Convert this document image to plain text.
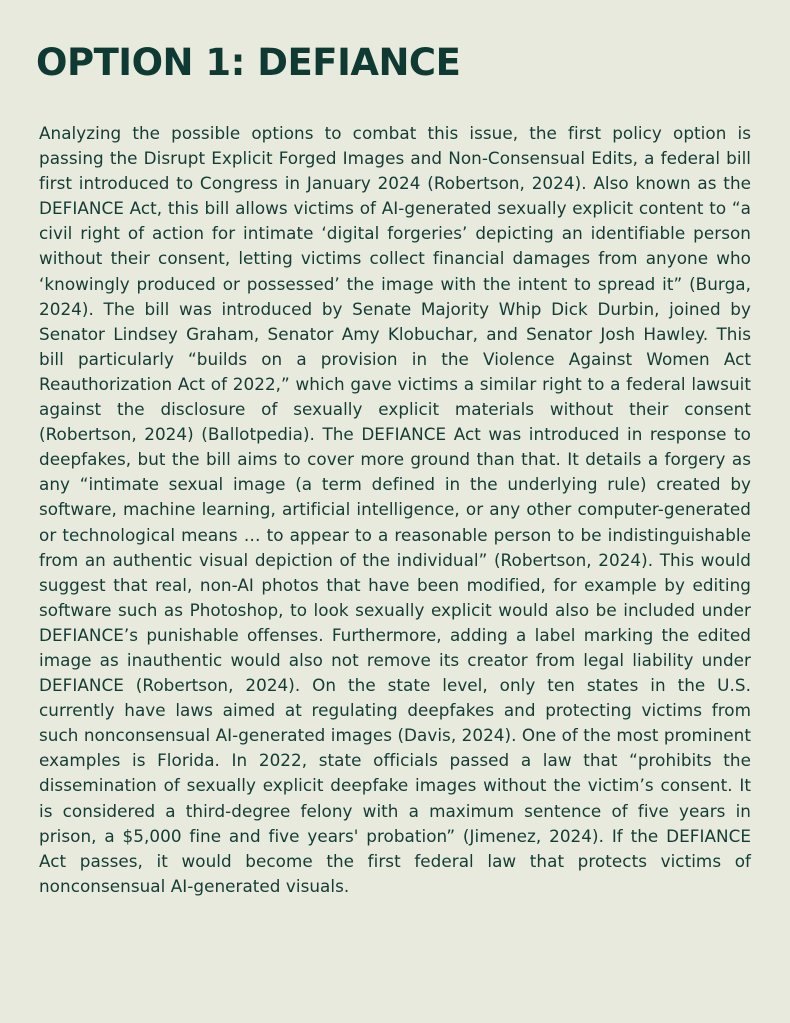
OPTION 1: DEFIANCE

Analyzing the possible options to combat this issue, the first policy option is passing the Disrupt Explicit Forged Images and Non-Consensual Edits, a federal bill first introduced to Congress in January 2024 (Robertson, 2024). Also known as the DEFIANCE Act, this bill allows victims of AI-generated sexually explicit content to “a civil right of action for intimate ‘digital forgeries’ depicting an identifiable person without their consent, letting victims collect financial damages from anyone who ‘knowingly produced or possessed’ the image with the intent to spread it” (Burga, 2024). The bill was introduced by Senate Majority Whip Dick Durbin, joined by Senator Lindsey Graham, Senator Amy Klobuchar, and Senator Josh Hawley. This bill particularly “builds on a provision in the Violence Against Women Act Reauthorization Act of 2022,” which gave victims a similar right to a federal lawsuit against the disclosure of sexually explicit materials without their consent (Robertson, 2024) (Ballotpedia). The DEFIANCE Act was introduced in response to deepfakes, but the bill aims to cover more ground than that. It details a forgery as any “intimate sexual image (a term defined in the underlying rule) created by software, machine learning, artificial intelligence, or any other computer-generated or technological means … to appear to a reasonable person to be indistinguishable from an authentic visual depiction of the individual” (Robertson, 2024). This would suggest that real, non-AI photos that have been modified, for example by editing software such as Photoshop, to look sexually explicit would also be included under DEFIANCE’s punishable offenses. Furthermore, adding a label marking the edited image as inauthentic would also not remove its creator from legal liability under DEFIANCE (Robertson, 2024). On the state level, only ten states in the U.S. currently have laws aimed at regulating deepfakes and protecting victims from such nonconsensual AI-generated images (Davis, 2024). One of the most prominent examples is Florida. In 2022, state officials passed a law that “prohibits the dissemination of sexually explicit deepfake images without the victim’s consent. It is considered a third-degree felony with a maximum sentence of five years in prison, a $5,000 fine and five years' probation” (Jimenez, 2024). If the DEFIANCE Act passes, it would become the first federal law that protects victims of nonconsensual AI-generated visuals.
